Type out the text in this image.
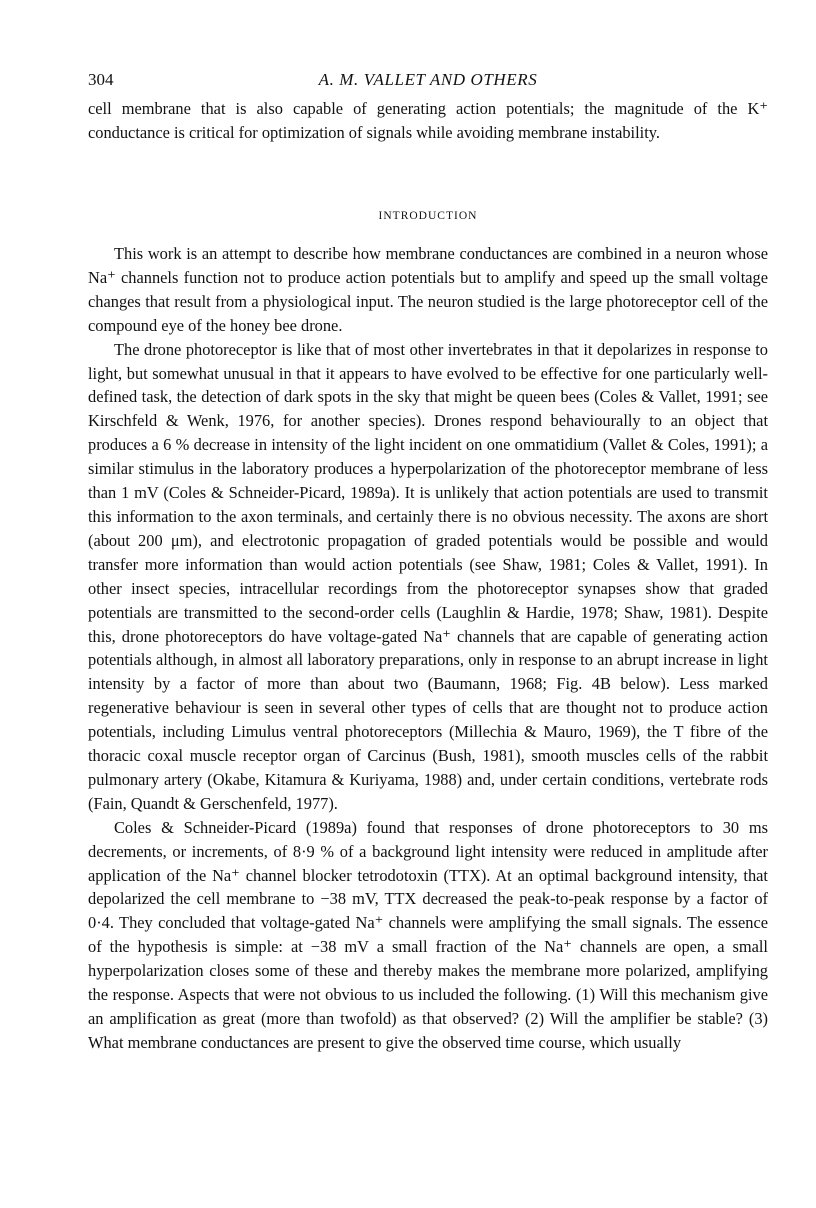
304	A. M. VALLET AND OTHERS

cell membrane that is also capable of generating action potentials; the magnitude of the K⁺ conductance is critical for optimization of signals while avoiding membrane instability.

INTRODUCTION

This work is an attempt to describe how membrane conductances are combined in a neuron whose Na⁺ channels function not to produce action potentials but to amplify and speed up the small voltage changes that result from a physiological input. The neuron studied is the large photoreceptor cell of the compound eye of the honey bee drone.

The drone photoreceptor is like that of most other invertebrates in that it depolarizes in response to light, but somewhat unusual in that it appears to have evolved to be effective for one particularly well-defined task, the detection of dark spots in the sky that might be queen bees (Coles & Vallet, 1991; see Kirschfeld & Wenk, 1976, for another species). Drones respond behaviourally to an object that produces a 6 % decrease in intensity of the light incident on one ommatidium (Vallet & Coles, 1991); a similar stimulus in the laboratory produces a hyperpolarization of the photoreceptor membrane of less than 1 mV (Coles & Schneider-Picard, 1989a). It is unlikely that action potentials are used to transmit this information to the axon terminals, and certainly there is no obvious necessity. The axons are short (about 200 μm), and electrotonic propagation of graded potentials would be possible and would transfer more information than would action potentials (see Shaw, 1981; Coles & Vallet, 1991). In other insect species, intracellular recordings from the photoreceptor synapses show that graded potentials are transmitted to the second-order cells (Laughlin & Hardie, 1978; Shaw, 1981). Despite this, drone photoreceptors do have voltage-gated Na⁺ channels that are capable of generating action potentials although, in almost all laboratory preparations, only in response to an abrupt increase in light intensity by a factor of more than about two (Baumann, 1968; Fig. 4B below). Less marked regenerative behaviour is seen in several other types of cells that are thought not to produce action potentials, including Limulus ventral photoreceptors (Millechia & Mauro, 1969), the T fibre of the thoracic coxal muscle receptor organ of Carcinus (Bush, 1981), smooth muscles cells of the rabbit pulmonary artery (Okabe, Kitamura & Kuriyama, 1988) and, under certain conditions, vertebrate rods (Fain, Quandt & Gerschenfeld, 1977).

Coles & Schneider-Picard (1989a) found that responses of drone photoreceptors to 30 ms decrements, or increments, of 8·9 % of a background light intensity were reduced in amplitude after application of the Na⁺ channel blocker tetrodotoxin (TTX). At an optimal background intensity, that depolarized the cell membrane to −38 mV, TTX decreased the peak-to-peak response by a factor of 0·4. They concluded that voltage-gated Na⁺ channels were amplifying the small signals. The essence of the hypothesis is simple: at −38 mV a small fraction of the Na⁺ channels are open, a small hyperpolarization closes some of these and thereby makes the membrane more polarized, amplifying the response. Aspects that were not obvious to us included the following. (1) Will this mechanism give an amplification as great (more than twofold) as that observed? (2) Will the amplifier be stable? (3) What membrane conductances are present to give the observed time course, which usually
